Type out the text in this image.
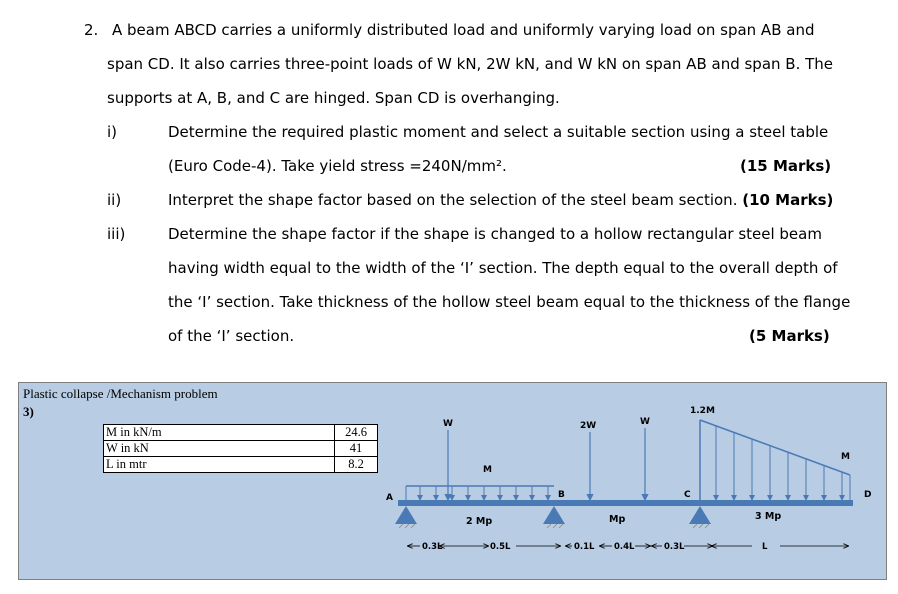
2. A beam ABCD carries a uniformly distributed load and uniformly varying load on span AB and
span CD. It also carries three-point loads of W kN, 2W kN, and W kN on span AB and span B. The
supports at A, B, and C are hinged. Span CD is overhanging.
i)	Determine the required plastic moment and select a suitable section using a steel table
(Euro Code-4). Take yield stress =240N/mm².	(15 Marks)
ii)	Interpret the shape factor based on the selection of the steel beam section. (10 Marks)
iii)	Determine the shape factor if the shape is changed to a hollow rectangular steel beam
having width equal to the width of the ‘I’ section. The depth equal to the overall depth of
the ‘I’ section. Take thickness of the hollow steel beam equal to the thickness of the flange
of the ‘I’ section.	(5 Marks)
Plastic collapse /Mechanism problem
3)
M in kN/m	24.6
W in kN	41
L in mtr	8.2
A	B	C	D
W	2W	W
M
1.2M
M
2 Mp	Mp	3 Mp
0.3L	0.5L	0.1L 0.4L	0.3L	L
